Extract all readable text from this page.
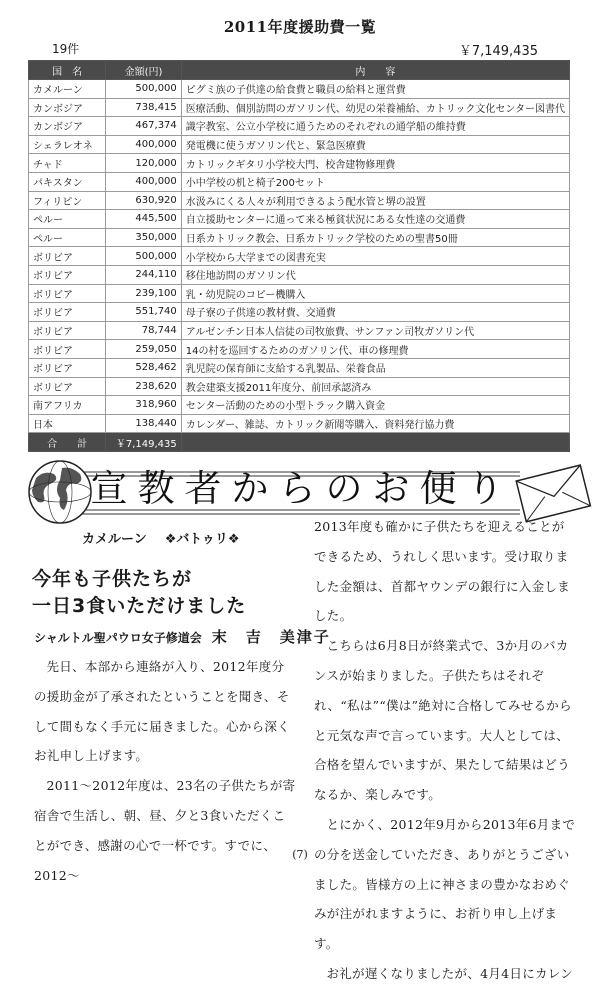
2011年度援助費一覧
19件	￥7,149,435
国　名	金額(円)	内　　容
カメルーン	500,000	ピグミ族の子供達の給食費と職員の給料と運営費
カンボジア	738,415	医療活動、個別訪問のガソリン代、幼児の栄養補給、カトリック文化センター図書代
カンボジア	467,374	識字教室、公立小学校に通うためのそれぞれの通学船の維持費
シェラレオネ	400,000	発電機に使うガソリン代と、緊急医療費
チャド	120,000	カトリックギタリ小学校大門、校舎建物修理費
パキスタン	400,000	小中学校の机と椅子200セット
フィリピン	630,920	水汲みにくる人々が利用できるよう配水管と堺の設置
ペルー	445,500	自立援助センターに通って来る極貧状況にある女性達の交通費
ペルー	350,000	日系カトリック教会、日系カトリック学校のための聖書50冊
ボリビア	500,000	小学校から大学までの図書充実
ボリビア	244,110	移住地訪問のガソリン代
ボリビア	239,100	乳・幼児院のコピー機購入
ボリビア	551,740	母子寮の子供達の教材費、交通費
ボリビア	78,744	アルゼンチン日本人信徒の司牧旅費、サンファン司牧ガソリン代
ボリビア	259,050	14の村を巡回するためのガソリン代、車の修理費
ボリビア	528,462	乳児院の保育師に支給する乳製品、栄養食品
ボリビア	238,620	教会建築支援2011年度分、前回承認済み
南アフリカ	318,960	センター活動のための小型トラック購入資金
日本	138,440	カレンダー、雑誌、カトリック新聞等購入、資料発行協力費
合　　計	￥7,149,435	
宣教者からのお便り
カメルーン ❖バトゥリ❖
今年も子供たちが
一日3食いただけました
シャルトル聖パウロ女子修道会 末　吉　美津子

先日、本部から連絡が入り、2012年度分の援助金が了承されたということを聞き、そして間もなく手元に届きました。心から深くお礼申し上げます。

2011～2012年度は、23名の子供たちが寄宿舎で生活し、朝、昼、夕と3食いただくことができ、感謝の心で一杯です。すでに、2012～

2013年度も確かに子供たちを迎えることができるため、うれしく思います。受け取りました金額は、首都ヤウンデの銀行に入金しました。

こちらは6月8日が終業式で、3か月のバカンスが始まりました。子供たちはそれぞれ、“私は”“僕は”絶対に合格してみせるからと元気な声で言っています。大人としては、合格を望んでいますが、果たして結果はどうなるか、楽しみです。

とにかく、2012年9月から2013年6月までの分を送金していただき、ありがとうございました。皆様方の上に神さまの豊かなおめぐみが注がれますように、お祈り申し上げます。

お礼が遅くなりましたが、4月4日にカレン

(7)
